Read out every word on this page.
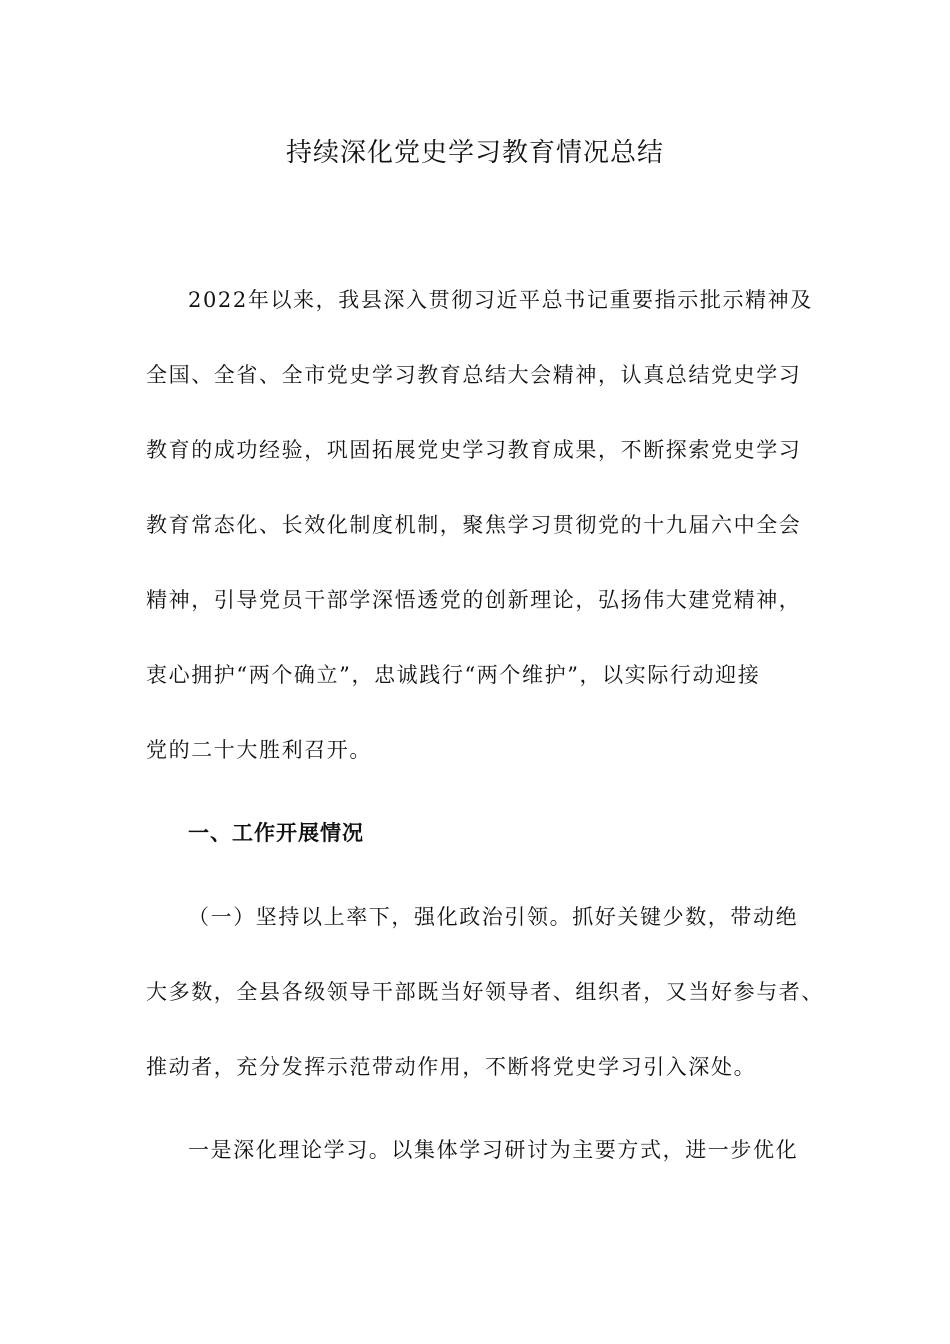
持续深化党史学习教育情况总结
2022年以来，我县深入贯彻习近平总书记重要指示批示精神及
全国、全省、全市党史学习教育总结大会精神，认真总结党史学习
教育的成功经验，巩固拓展党史学习教育成果，不断探索党史学习
教育常态化、长效化制度机制，聚焦学习贯彻党的十九届六中全会
精神，引导党员干部学深悟透党的创新理论，弘扬伟大建党精神，
衷心拥护“两个确立”，忠诚践行“两个维护”，以实际行动迎接
党的二十大胜利召开。
一、工作开展情况
（一）坚持以上率下，强化政治引领。抓好关键少数，带动绝
大多数，全县各级领导干部既当好领导者、组织者，又当好参与者、
推动者，充分发挥示范带动作用，不断将党史学习引入深处。
一是深化理论学习。以集体学习研讨为主要方式，进一步优化
